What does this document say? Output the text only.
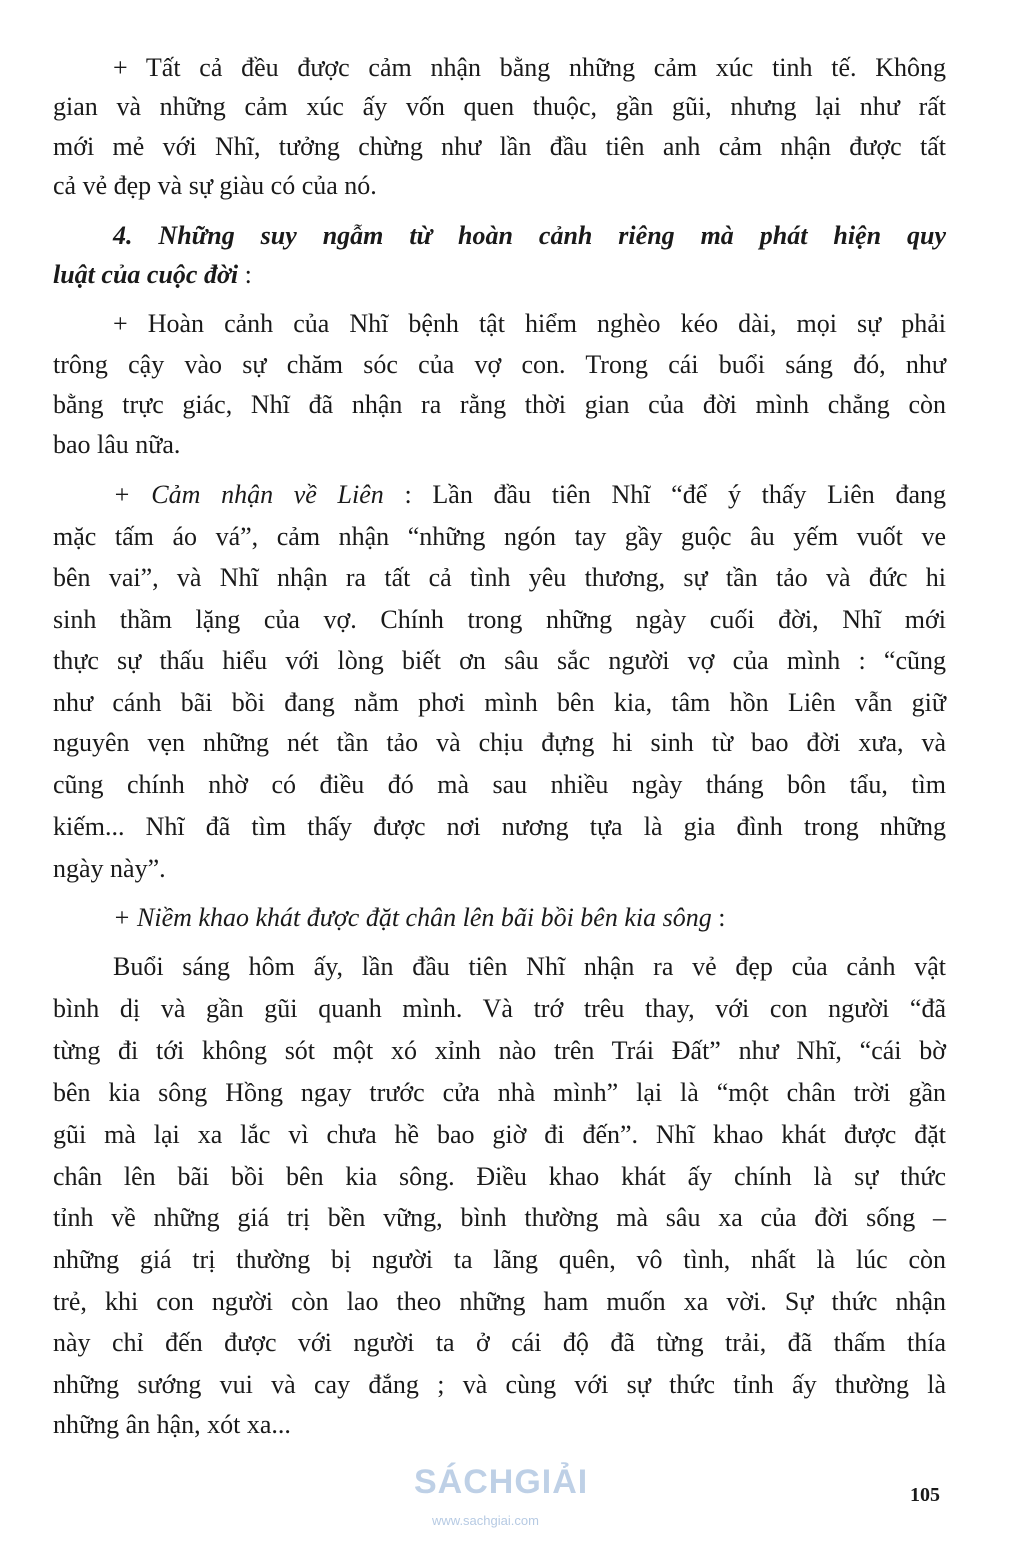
+ Tất cả đều được cảm nhận bằng những cảm xúc tinh tế. Không
gian và những cảm xúc ấy vốn quen thuộc, gần gũi, nhưng lại như rất
mới mẻ với Nhĩ, tưởng chừng như lần đầu tiên anh cảm nhận được tất
cả vẻ đẹp và sự giàu có của nó.
4. Những suy ngẫm từ hoàn cảnh riêng mà phát hiện quy
luật của cuộc đời :
+ Hoàn cảnh của Nhĩ bệnh tật hiểm nghèo kéo dài, mọi sự phải
trông cậy vào sự chăm sóc của vợ con. Trong cái buổi sáng đó, như
bằng trực giác, Nhĩ đã nhận ra rằng thời gian của đời mình chẳng còn
bao lâu nữa.
+ Cảm nhận về Liên : Lần đầu tiên Nhĩ “để ý thấy Liên đang
mặc tấm áo vá”, cảm nhận “những ngón tay gầy guộc âu yếm vuốt ve
bên vai”, và Nhĩ nhận ra tất cả tình yêu thương, sự tần tảo và đức hi
sinh thầm lặng của vợ. Chính trong những ngày cuối đời, Nhĩ mới
thực sự thấu hiểu với lòng biết ơn sâu sắc người vợ của mình : “cũng
như cánh bãi bồi đang nằm phơi mình bên kia, tâm hồn Liên vẫn giữ
nguyên vẹn những nét tần tảo và chịu đựng hi sinh từ bao đời xưa, và
cũng chính nhờ có điều đó mà sau nhiều ngày tháng bôn tẩu, tìm
kiếm... Nhĩ đã tìm thấy được nơi nương tựa là gia đình trong những
ngày này”.
+ Niềm khao khát được đặt chân lên bãi bồi bên kia sông :
Buổi sáng hôm ấy, lần đầu tiên Nhĩ nhận ra vẻ đẹp của cảnh vật
bình dị và gần gũi quanh mình. Và trớ trêu thay, với con người “đã
từng đi tới không sót một xó xỉnh nào trên Trái Đất” như Nhĩ, “cái bờ
bên kia sông Hồng ngay trước cửa nhà mình” lại là “một chân trời gần
gũi mà lại xa lắc vì chưa hề bao giờ đi đến”. Nhĩ khao khát được đặt
chân lên bãi bồi bên kia sông. Điều khao khát ấy chính là sự thức
tỉnh về những giá trị bền vững, bình thường mà sâu xa của đời sống –
những giá trị thường bị người ta lãng quên, vô tình, nhất là lúc còn
trẻ, khi con người còn lao theo những ham muốn xa vời. Sự thức nhận
này chỉ đến được với người ta ở cái độ đã từng trải, đã thấm thía
những sướng vui và cay đắng ; và cùng với sự thức tỉnh ấy thường là
những ân hận, xót xa...
SÁCHGIẢI
www.sachgiai.com
105
